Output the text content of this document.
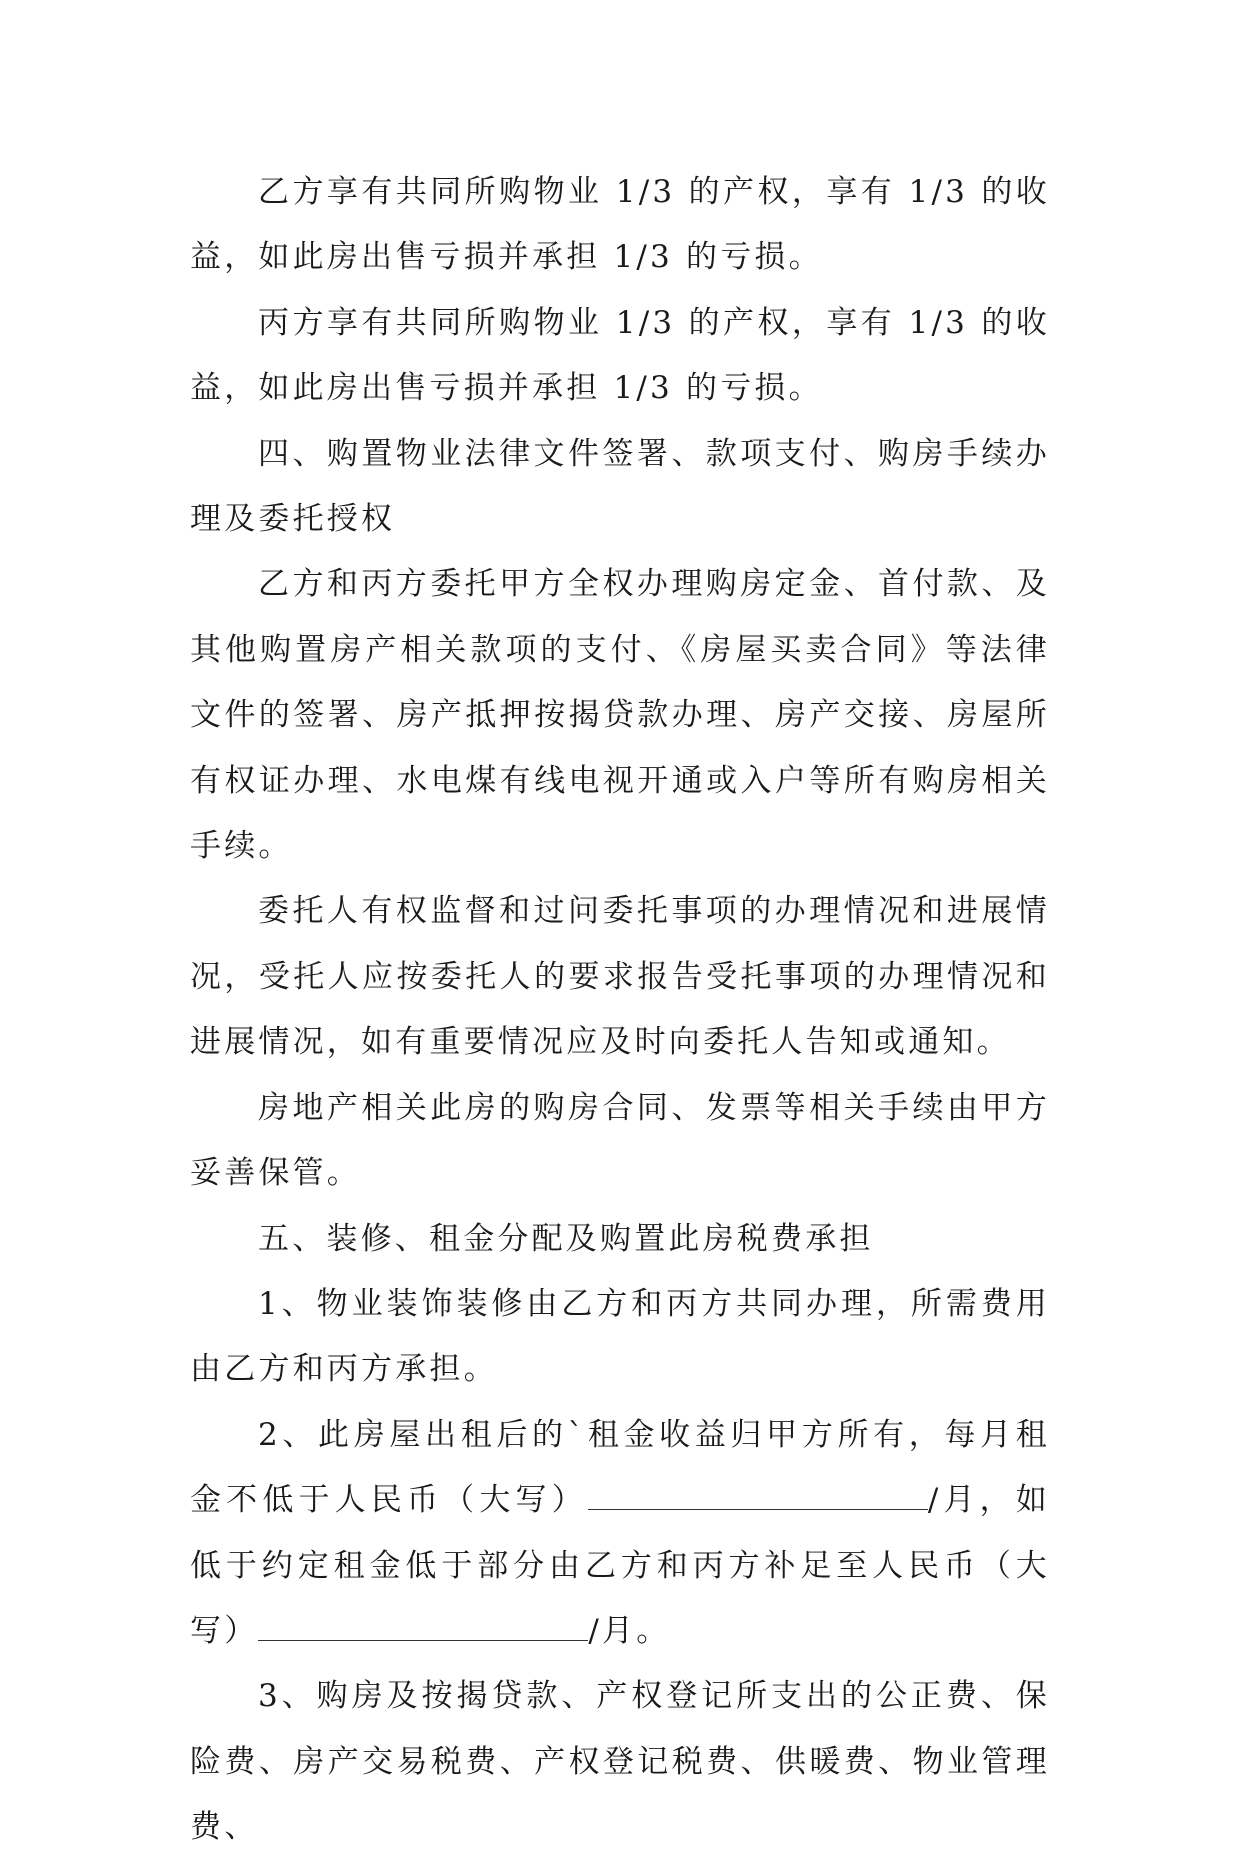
乙方享有共同所购物业 1/3 的产权，享有 1/3 的收益，如此房出售亏损并承担 1/3 的亏损。

丙方享有共同所购物业 1/3 的产权，享有 1/3 的收益，如此房出售亏损并承担 1/3 的亏损。

四、购置物业法律文件签署、款项支付、购房手续办理及委托授权

乙方和丙方委托甲方全权办理购房定金、首付款、及其他购置房产相关款项的支付、《房屋买卖合同》等法律文件的签署、房产抵押按揭贷款办理、房产交接、房屋所有权证办理、水电煤有线电视开通或入户等所有购房相关手续。

委托人有权监督和过问委托事项的办理情况和进展情况，受托人应按委托人的要求报告受托事项的办理情况和进展情况，如有重要情况应及时向委托人告知或通知。

房地产相关此房的购房合同、发票等相关手续由甲方妥善保管。

五、装修、租金分配及购置此房税费承担

1、物业装饰装修由乙方和丙方共同办理，所需费用由乙方和丙方承担。

2、此房屋出租后的`租金收益归甲方所有，每月租金不低于人民币（大写）	/月，如低于约定租金低于部分由乙方和丙方补足至人民币（大写）	/月。

3、购房及按揭贷款、产权登记所支出的公正费、保险费、房产交易税费、产权登记税费、供暖费、物业管理费、
